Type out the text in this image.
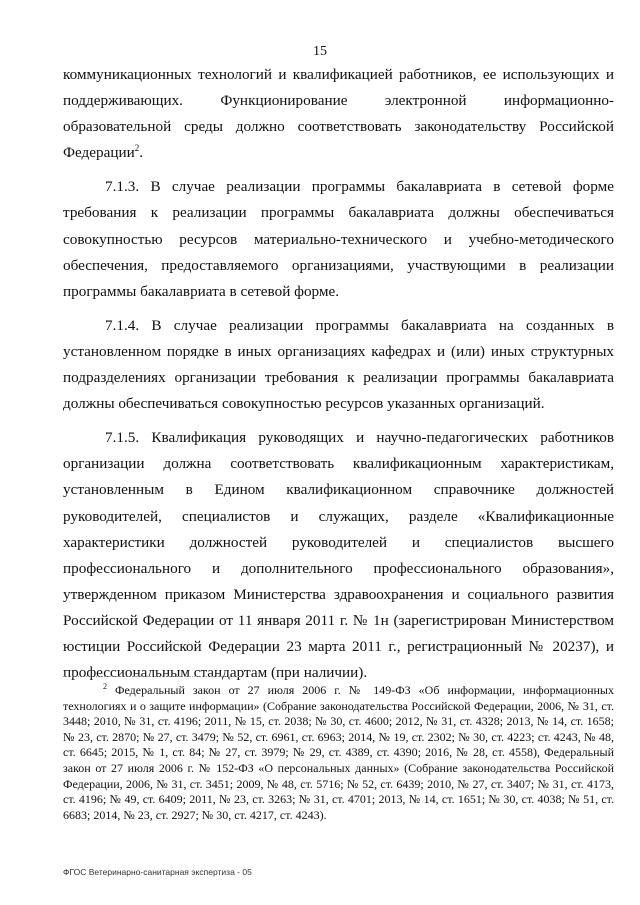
15

коммуникационных технологий и квалификацией работников, ее использующих и поддерживающих. Функционирование электронной информационно-образовательной среды должно соответствовать законодательству Российской Федерации$^2$.

7.1.3. В случае реализации программы бакалавриата в сетевой форме требования к реализации программы бакалавриата должны обеспечиваться совокупностью ресурсов материально-технического и учебно-методического обеспечения, предоставляемого организациями, участвующими в реализации программы бакалавриата в сетевой форме.

7.1.4. В случае реализации программы бакалавриата на созданных в установленном порядке в иных организациях кафедрах и (или) иных структурных подразделениях организации требования к реализации программы бакалавриата должны обеспечиваться совокупностью ресурсов указанных организаций.

7.1.5. Квалификация руководящих и научно-педагогических работников организации должна соответствовать квалификационным характеристикам, установленным в Едином квалификационном справочнике должностей руководителей, специалистов и служащих, разделе «Квалификационные характеристики должностей руководителей и специалистов высшего профессионального и дополнительного профессионального образования», утвержденном приказом Министерства здравоохранения и социального развития Российской Федерации от 11 января 2011 г. № 1н (зарегистрирован Министерством юстиции Российской Федерации 23 марта 2011 г., регистрационный № 20237), и профессиональным стандартам (при наличии).

$^2$ Федеральный закон от 27 июля 2006 г. № 149-ФЗ «Об информации, информационных технологиях и о защите информации» (Собрание законодательства Российской Федерации, 2006, № 31, ст. 3448; 2010, № 31, ст. 4196; 2011, № 15, ст. 2038; № 30, ст. 4600; 2012, № 31, ст. 4328; 2013, № 14, ст. 1658; № 23, ст. 2870; № 27, ст. 3479; № 52, ст. 6961, ст. 6963; 2014, № 19, ст. 2302; № 30, ст. 4223; ст. 4243, № 48, ст. 6645; 2015, № 1, ст. 84; № 27, ст. 3979; № 29, ст. 4389, ст. 4390; 2016, № 28, ст. 4558), Федеральный закон от 27 июля 2006 г. № 152-ФЗ «О персональных данных» (Собрание законодательства Российской Федерации, 2006, № 31, ст. 3451; 2009, № 48, ст. 5716; № 52, ст. 6439; 2010, № 27, ст. 3407; № 31, ст. 4173, ст. 4196; № 49, ст. 6409; 2011, № 23, ст. 3263; № 31, ст. 4701; 2013, № 14, ст. 1651; № 30, ст. 4038; № 51, ст. 6683; 2014, № 23, ст. 2927; № 30, ст. 4217, ст. 4243).

ФГОС Ветеринарно-санитарная экспертиза - 05
